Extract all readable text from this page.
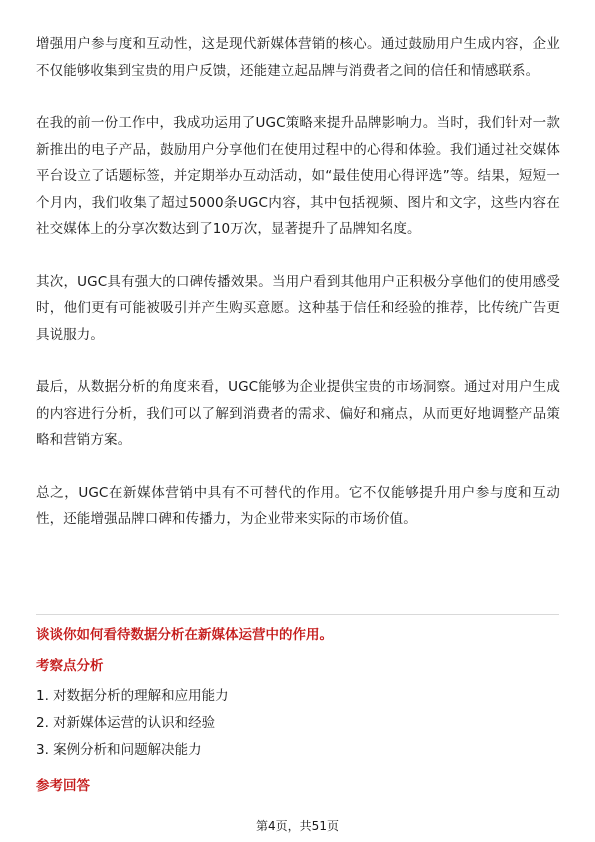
增强用户参与度和互动性，这是现代新媒体营销的核心。通过鼓励用户生成内容，企业不仅能够收集到宝贵的用户反馈，还能建立起品牌与消费者之间的信任和情感联系。

在我的前一份工作中，我成功运用了UGC策略来提升品牌影响力。当时，我们针对一款新推出的电子产品，鼓励用户分享他们在使用过程中的心得和体验。我们通过社交媒体平台设立了话题标签，并定期举办互动活动，如“最佳使用心得评选”等。结果，短短一个月内，我们收集了超过5000条UGC内容，其中包括视频、图片和文字，这些内容在社交媒体上的分享次数达到了10万次，显著提升了品牌知名度。

其次，UGC具有强大的口碑传播效果。当用户看到其他用户正积极分享他们的使用感受时，他们更有可能被吸引并产生购买意愿。这种基于信任和经验的推荐，比传统广告更具说服力。

最后，从数据分析的角度来看，UGC能够为企业提供宝贵的市场洞察。通过对用户生成的内容进行分析，我们可以了解到消费者的需求、偏好和痛点，从而更好地调整产品策略和营销方案。

总之，UGC在新媒体营销中具有不可替代的作用。它不仅能够提升用户参与度和互动性，还能增强品牌口碑和传播力，为企业带来实际的市场价值。

谈谈你如何看待数据分析在新媒体运营中的作用。
考察点分析
1. 对数据分析的理解和应用能力
2. 对新媒体运营的认识和经验
3. 案例分析和问题解决能力
参考回答
第4页，共51页
